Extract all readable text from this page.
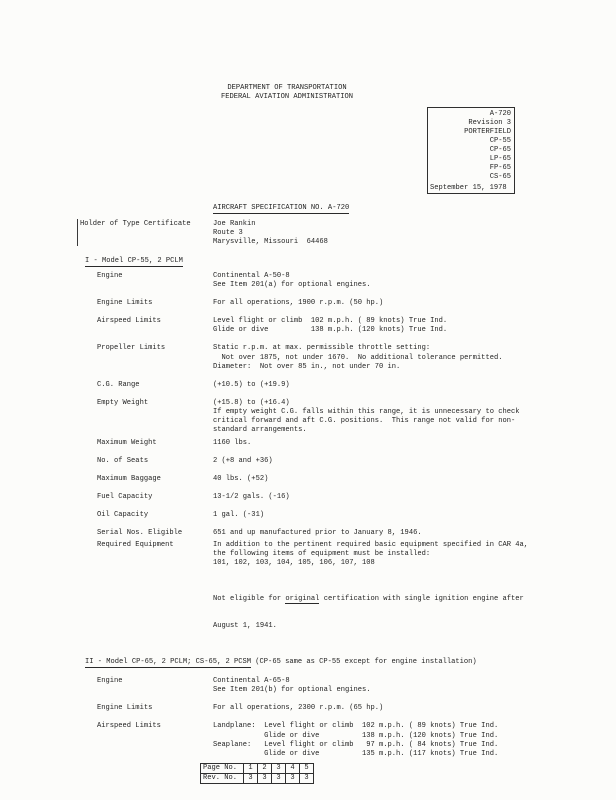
DEPARTMENT OF TRANSPORTATION
FEDERAL AVIATION ADMINISTRATION
A-720
Revision 3
PORTERFIELD
CP-55
CP-65
LP-65
FP-65
CS-65
September 15, 1978
AIRCRAFT SPECIFICATION NO. A-720
Holder of Type Certificate	Joe Rankin
Route 3
Marysville, Missouri  64468
I - Model CP-55, 2 PCLM
Engine	Continental A-50-8
See Item 201(a) for optional engines.
Engine Limits	For all operations, 1900 r.p.m. (50 hp.)
Airspeed Limits	Level flight or climb  102 m.p.h. ( 89 knots) True Ind.
Glide or dive          138 m.p.h. (120 knots) True Ind.
Propeller Limits	Static r.p.m. at max. permissible throttle setting:
Not over 1875, not under 1670.  No additional tolerance permitted.
Diameter:  Not over 85 in., not under 70 in.
C.G. Range	(+10.5) to (+19.9)
Empty Weight	(+15.8) to (+16.4)
If empty weight C.G. falls within this range, it is unnecessary to check
critical forward and aft C.G. positions.  This range not valid for non-
standard arrangements.
Maximum Weight	1160 lbs.
No. of Seats	2 (+8 and +36)
Maximum Baggage	40 lbs. (+52)
Fuel Capacity	13-1/2 gals. (-16)
Oil Capacity	1 gal. (-31)
Serial Nos. Eligible	651 and up manufactured prior to January 8, 1946.
Required Equipment	In addition to the pertinent required basic equipment specified in CAR 4a,
the following items of equipment must be installed:
101, 102, 103, 104, 105, 106, 107, 108

Not eligible for original certification with single ignition engine after

August 1, 1941.

II - Model CP-65, 2 PCLM; CS-65, 2 PCSM (CP-65 same as CP-55 except for engine installation)
Engine	Continental A-65-8
See Item 201(b) for optional engines.
Engine Limits	For all operations, 2300 r.p.m. (65 hp.)
Airspeed Limits	Landplane:  Level flight or climb  102 m.p.h. ( 89 knots) True Ind.
Glide or dive          138 m.p.h. (120 knots) True Ind.
Seaplane:   Level flight or climb   97 m.p.h. ( 84 knots) True Ind.
Glide or dive          135 m.p.h. (117 knots) True Ind.
Page No.	1	2	3	4	5
Rev. No.	3	3	3	3	3
